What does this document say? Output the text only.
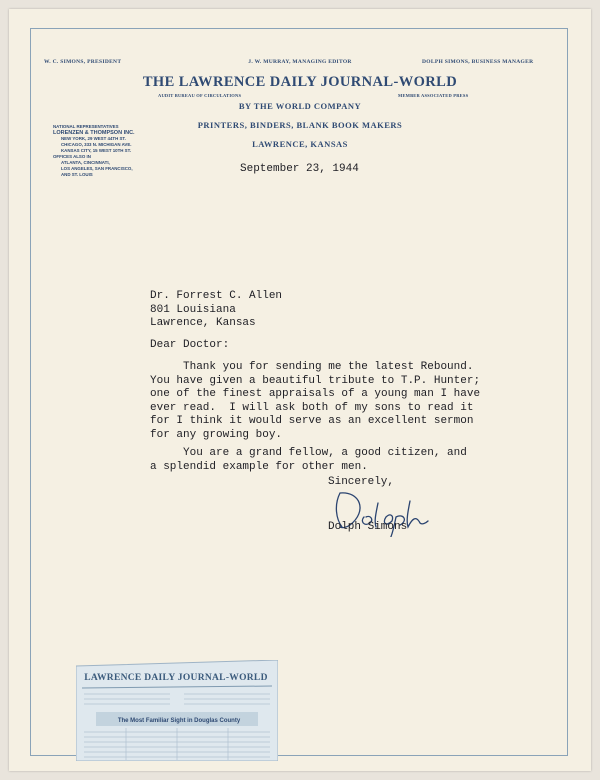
W. C. SIMONS, PRESIDENT	J. W. MURRAY, MANAGING EDITOR	DOLPH SIMONS, BUSINESS MANAGER
THE LAWRENCE DAILY JOURNAL-WORLD
AUDIT BUREAU OF CIRCULATIONS	MEMBER ASSOCIATED PRESS
BY THE WORLD COMPANY
PRINTERS, BINDERS, BLANK BOOK MAKERS
LAWRENCE, KANSAS
NATIONAL REPRESENTATIVES
LORENZEN & THOMPSON INC.
NEW YORK, 29 WEST 44TH ST.
CHICAGO, 333 N. MICHIGAN AVE.
KANSAS CITY, 15 WEST 10TH ST.
OFFICES ALSO IN
ATLANTA, CINCINNATI,
LOS ANGELES, SAN FRANCISCO,
AND ST. LOUIS	September 23, 1944
Dr. Forrest C. Allen
801 Louisiana
Lawrence, Kansas
Dear Doctor:
Thank you for sending me the latest Rebound.
You have given a beautiful tribute to T.P. Hunter;
one of the finest appraisals of a young man I have
ever read.  I will ask both of my sons to read it
for I think it would serve as an excellent sermon
for any growing boy.
You are a grand fellow, a good citizen, and
a splendid example for other men.
Sincerely,
Dolph Simons
LAWRENCE DAILY JOURNAL-WORLD
The Most Familiar Sight in Douglas County
